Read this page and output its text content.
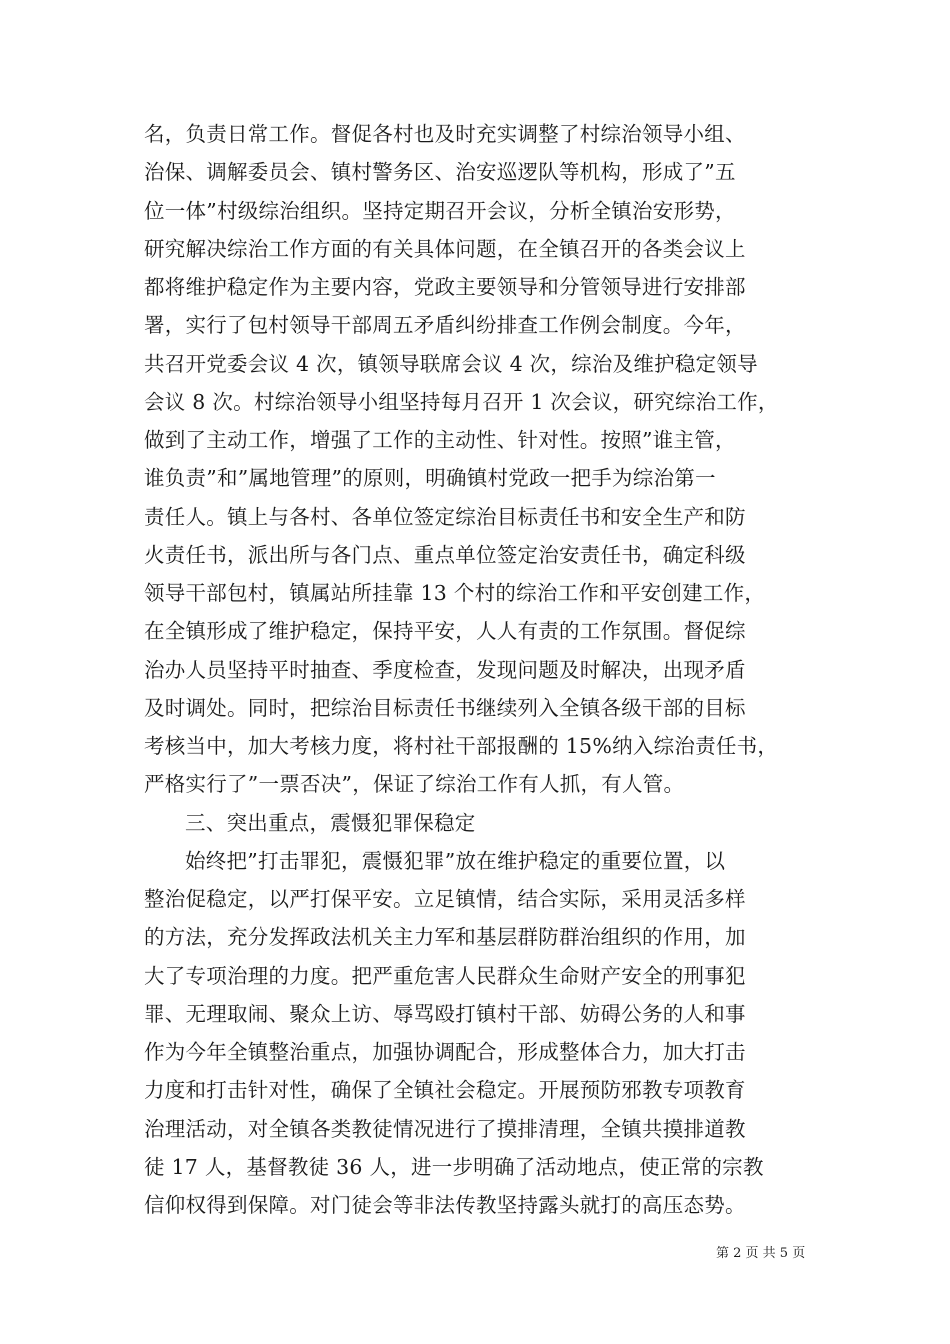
名，负责日常工作。督促各村也及时充实调整了村综治领导小组、
治保、调解委员会、镇村警务区、治安巡逻队等机构，形成了”五
位一体”村级综治组织。坚持定期召开会议，分析全镇治安形势，
研究解决综治工作方面的有关具体问题，在全镇召开的各类会议上
都将维护稳定作为主要内容，党政主要领导和分管领导进行安排部
署，实行了包村领导干部周五矛盾纠纷排查工作例会制度。今年，
共召开党委会议 4 次，镇领导联席会议 4 次，综治及维护稳定领导
会议 8 次。村综治领导小组坚持每月召开 1 次会议，研究综治工作，
做到了主动工作，增强了工作的主动性、针对性。按照”谁主管，
谁负责”和”属地管理”的原则，明确镇村党政一把手为综治第一
责任人。镇上与各村、各单位签定综治目标责任书和安全生产和防
火责任书，派出所与各门点、重点单位签定治安责任书，确定科级
领导干部包村，镇属站所挂靠 13 个村的综治工作和平安创建工作，
在全镇形成了维护稳定，保持平安，人人有责的工作氛围。督促综
治办人员坚持平时抽查、季度检查，发现问题及时解决，出现矛盾
及时调处。同时，把综治目标责任书继续列入全镇各级干部的目标
考核当中，加大考核力度，将村社干部报酬的 15%纳入综治责任书，
严格实行了”一票否决”，保证了综治工作有人抓，有人管。
三、突出重点，震慑犯罪保稳定
始终把”打击罪犯，震慑犯罪”放在维护稳定的重要位置，以
整治促稳定，以严打保平安。立足镇情，结合实际，采用灵活多样
的方法，充分发挥政法机关主力军和基层群防群治组织的作用，加
大了专项治理的力度。把严重危害人民群众生命财产安全的刑事犯
罪、无理取闹、聚众上访、辱骂殴打镇村干部、妨碍公务的人和事
作为今年全镇整治重点，加强协调配合，形成整体合力，加大打击
力度和打击针对性，确保了全镇社会稳定。开展预防邪教专项教育
治理活动，对全镇各类教徒情况进行了摸排清理，全镇共摸排道教
徒 17 人，基督教徒 36 人，进一步明确了活动地点，使正常的宗教
信仰权得到保障。对门徒会等非法传教坚持露头就打的高压态势。
第 2 页 共 5 页
